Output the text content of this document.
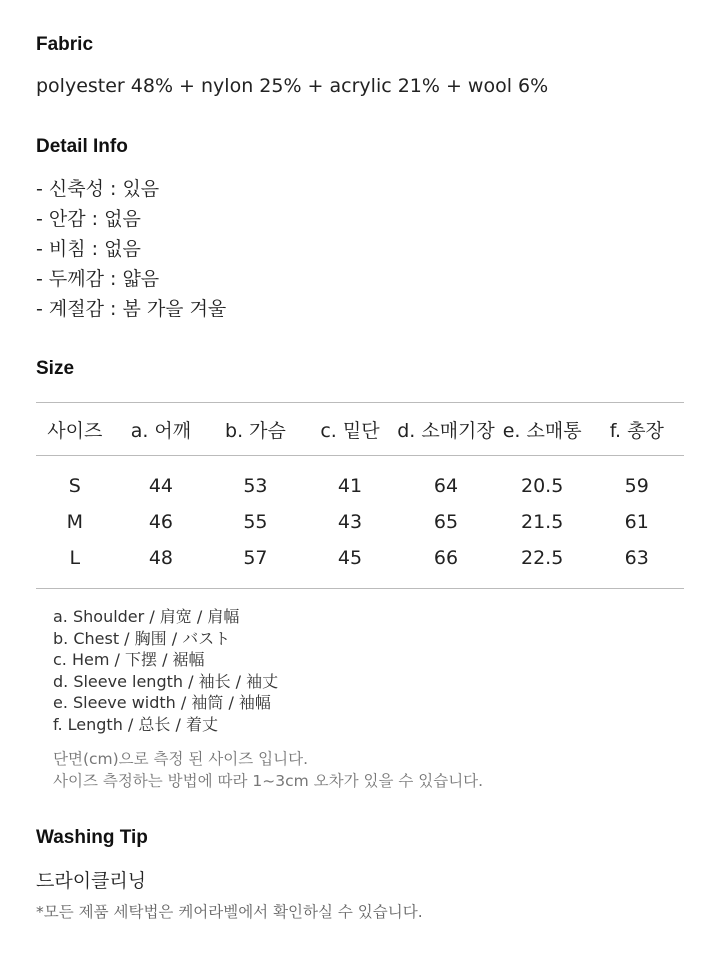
Fabric
polyester 48% + nylon 25% + acrylic 21% + wool 6%
Detail Info
- 신축성 : 있음
- 안감 : 없음
- 비침 : 없음
- 두께감 : 얇음
- 계절감 : 봄 가을 겨울
Size
사이즈	a. 어깨	b. 가슴	c. 밑단	d. 소매기장	e. 소매통	f. 총장
S	44	53	41	64	20.5	59
M	46	55	43	65	21.5	61
L	48	57	45	66	22.5	63
a. Shoulder / 肩宽 / 肩幅
b. Chest / 胸围 / バスト
c. Hem / 下摆 / 裾幅
d. Sleeve length / 袖长 / 袖丈
e. Sleeve width / 袖筒 / 袖幅
f. Length / 总长 / 着丈
단면(cm)으로 측정 된 사이즈 입니다.
사이즈 측정하는 방법에 따라 1~3cm 오차가 있을 수 있습니다.
Washing Tip
드라이클리닝
*모든 제품 세탁법은 케어라벨에서 확인하실 수 있습니다.
